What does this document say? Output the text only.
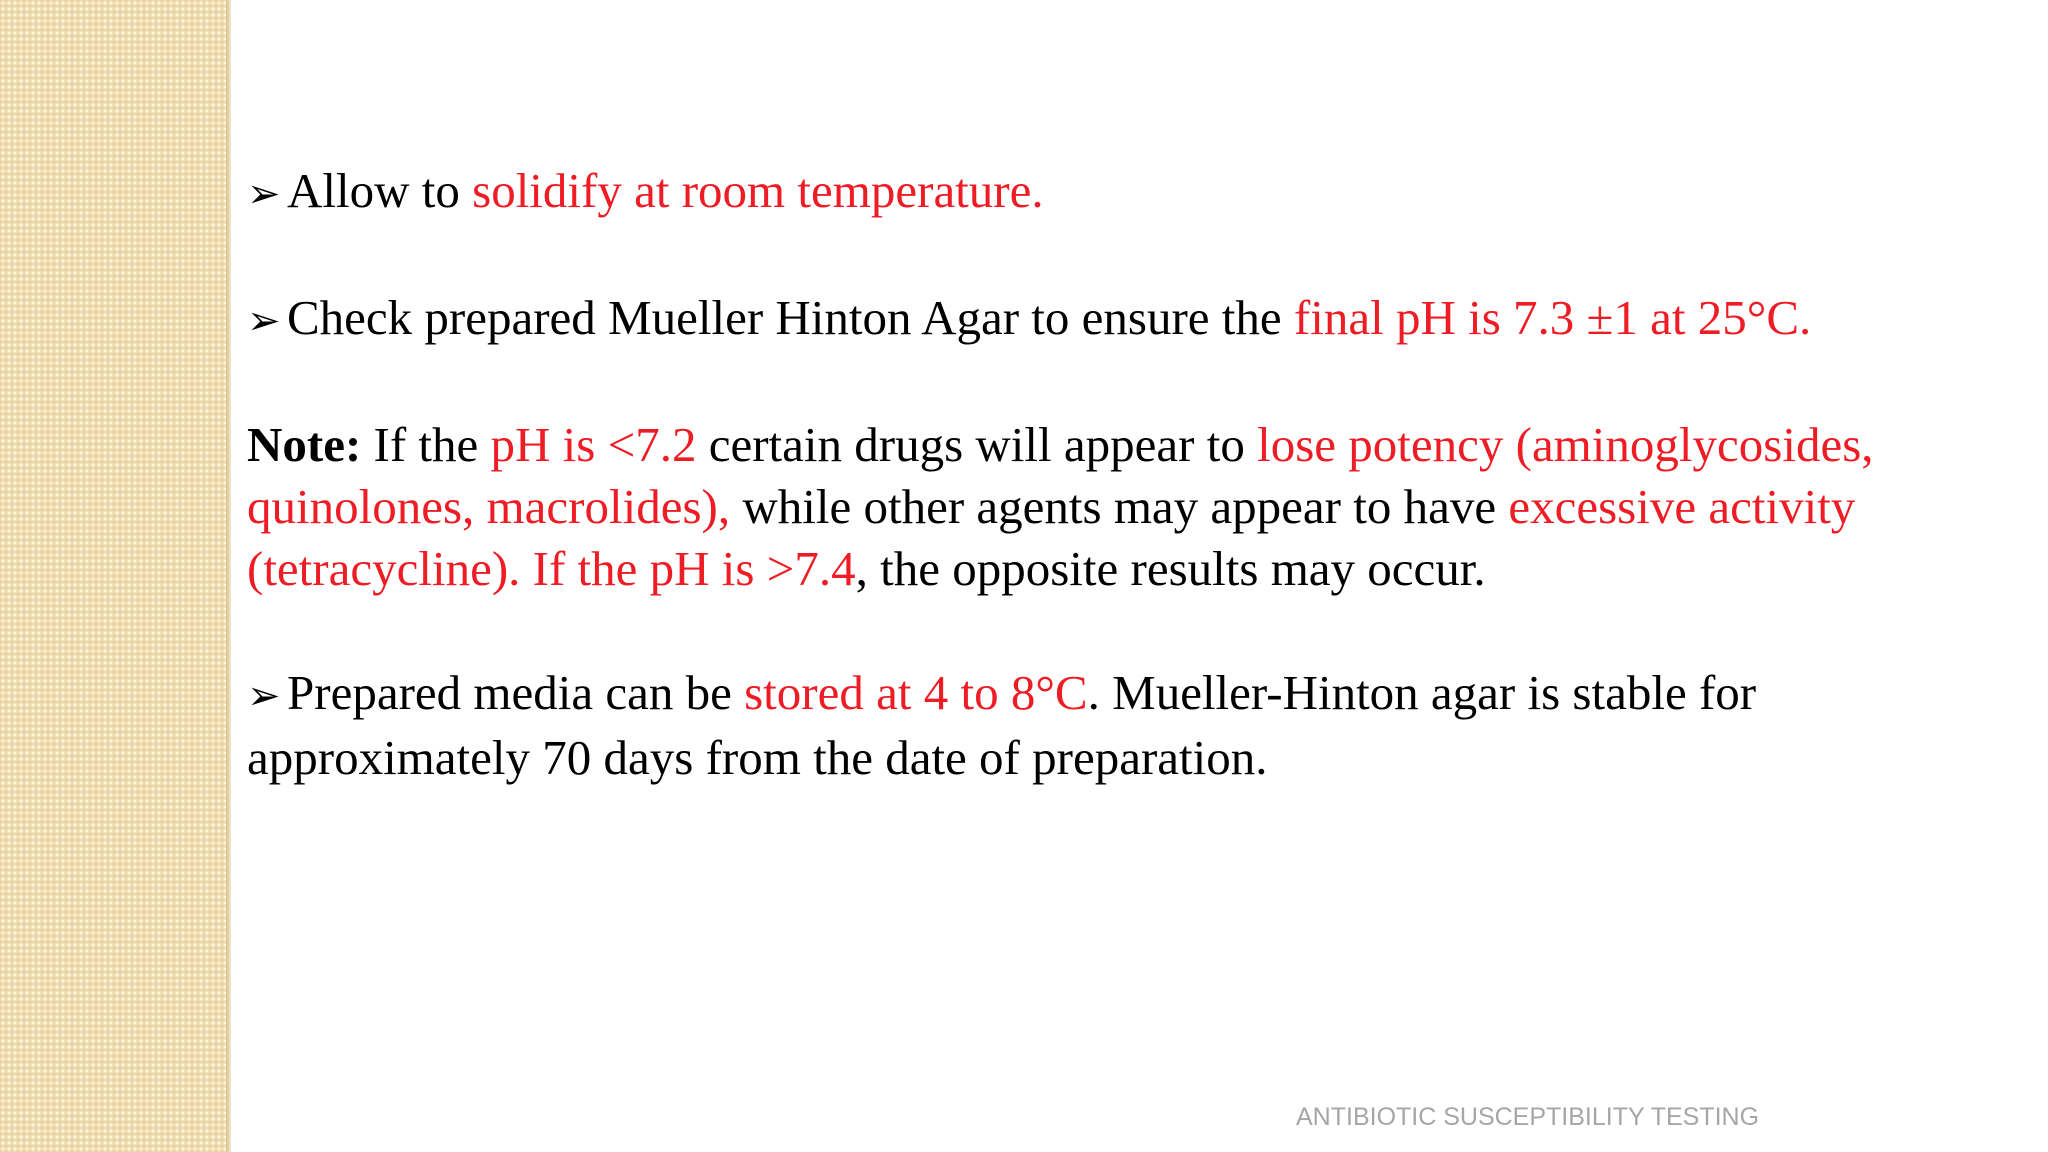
➢ Allow to solidify at room temperature.

➢ Check prepared Mueller Hinton Agar to ensure the final pH is 7.3 ±1 at 25°C.

Note: If the pH is <7.2 certain drugs will appear to lose potency (aminoglycosides, quinolones, macrolides), while other agents may appear to have excessive activity (tetracycline). If the pH is >7.4, the opposite results may occur.

➢ Prepared media can be stored at 4 to 8°C. Mueller-Hinton agar is stable for approximately 70 days from the date of preparation.

ANTIBIOTIC SUSCEPTIBILITY TESTING
